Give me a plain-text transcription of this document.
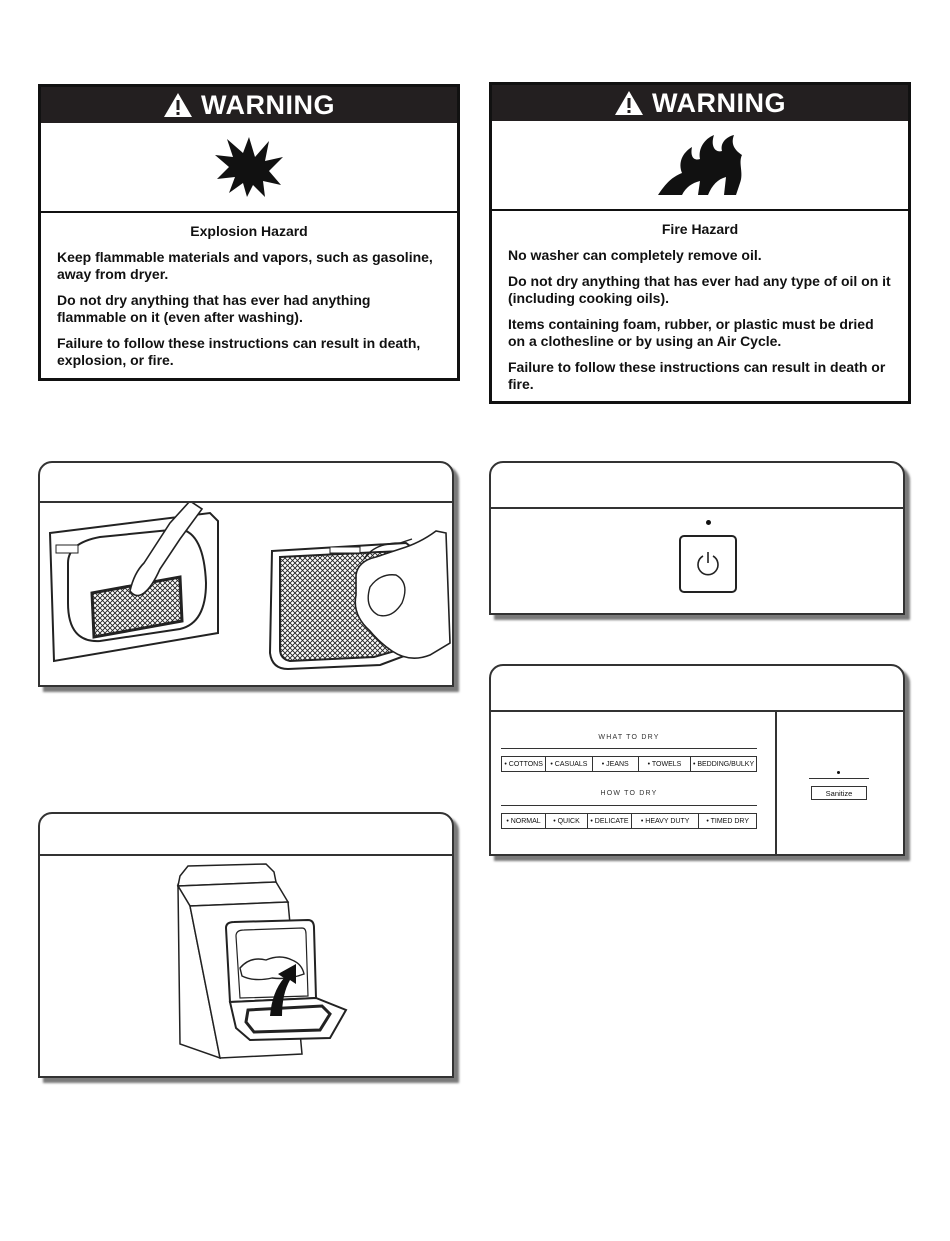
WARNING
Explosion Hazard

Keep flammable materials and vapors, such as gasoline, away from dryer.

Do not dry anything that has ever had anything flammable on it (even after washing).

Failure to follow these instructions can result in death, explosion, or fire.

WARNING
Fire Hazard

No washer can completely remove oil.

Do not dry anything that has ever had any type of oil on it (including cooking oils).

Items containing foam, rubber, or plastic must be dried on a clothesline or by using an Air Cycle.

Failure to follow these instructions can result in death or fire.

WHAT TO DRY
• COTTONS	• CASUALS	• JEANS	• TOWELS	• BEDDING/BULKY
HOW TO DRY
• NORMAL	• QUICK	• DELICATE	• HEAVY DUTY	• TIMED DRY
Sanitize
